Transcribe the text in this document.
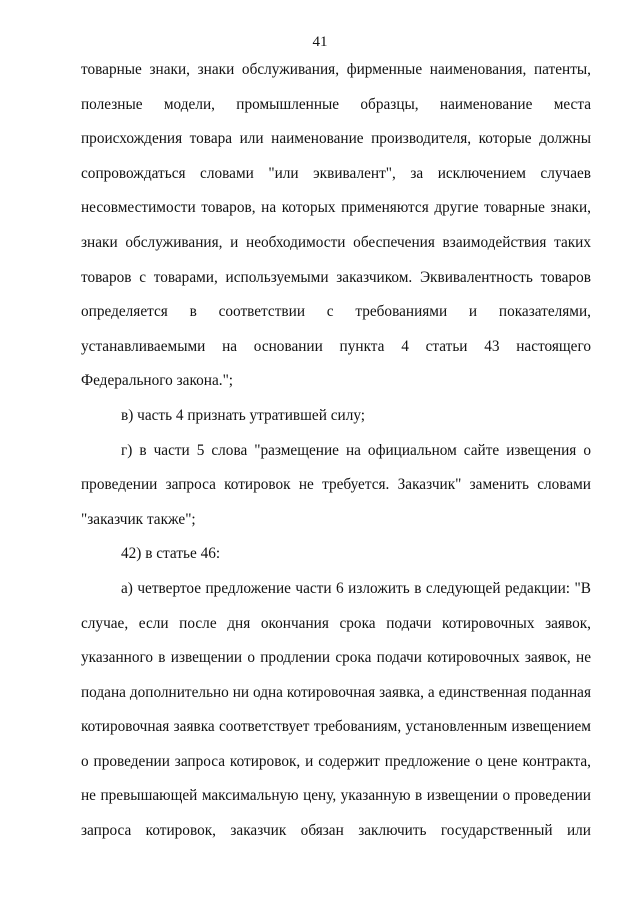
41

товарные знаки, знаки обслуживания, фирменные наименования, патенты, полезные модели, промышленные образцы, наименование места происхождения товара или наименование производителя, которые должны сопровождаться словами "или эквивалент", за исключением случаев несовместимости товаров, на которых применяются другие товарные знаки, знаки обслуживания, и необходимости обеспечения взаимодействия таких товаров с товарами, используемыми заказчиком. Эквивалентность товаров определяется в соответствии с требованиями и показателями, устанавливаемыми на основании пункта 4 статьи 43 настоящего Федерального закона.";

в) часть 4 признать утратившей силу;

г) в части 5 слова "размещение на официальном сайте извещения о проведении запроса котировок не требуется. Заказчик" заменить словами "заказчик также";

42) в статье 46:

а) четвертое предложение части 6 изложить в следующей редакции: "В случае, если после дня окончания срока подачи котировочных заявок, указанного в извещении о продлении срока подачи котировочных заявок, не подана дополнительно ни одна котировочная заявка, а единственная поданная котировочная заявка соответствует требованиям, установленным извещением о проведении запроса котировок, и содержит предложение о цене контракта, не превышающей максимальную цену, указанную в извещении о проведении запроса котировок, заказчик обязан заключить государственный или
